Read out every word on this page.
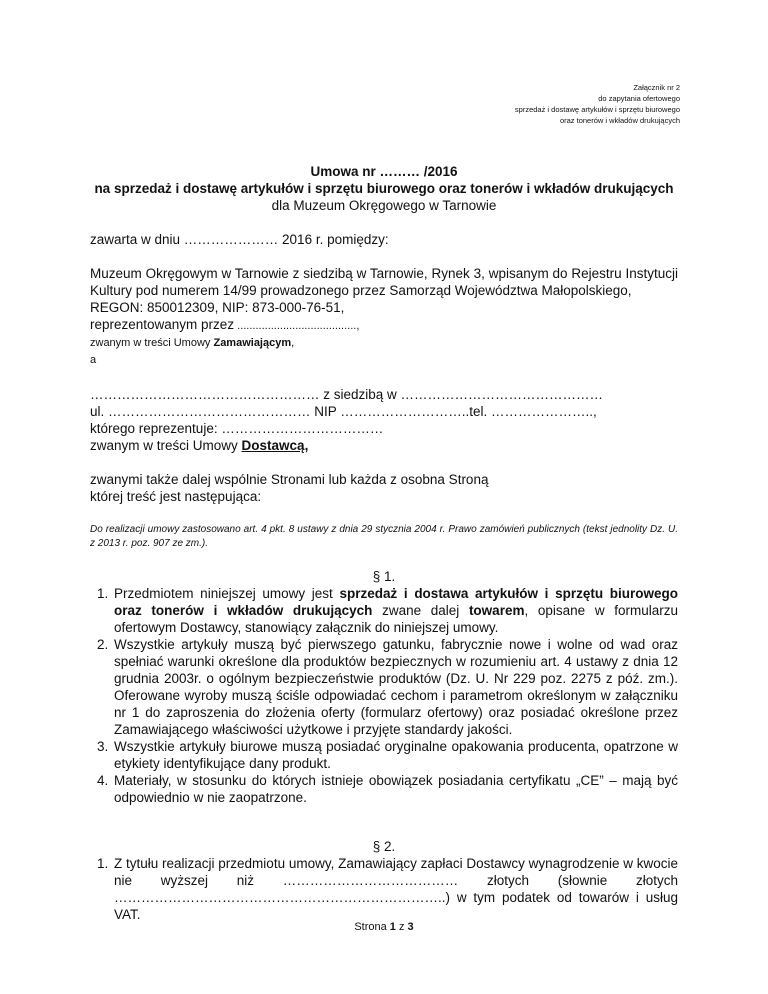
Załącznik nr 2
do zapytania ofertowego
sprzedaż i dostawę artykułów i sprzętu biurowego
oraz tonerów i wkładów drukujących

Umowa nr ……… /2016

na sprzedaż i dostawę artykułów i sprzętu biurowego oraz tonerów i wkładów drukujących

dla Muzeum Okręgowego w Tarnowie

zawarta w dniu ………………… 2016 r. pomiędzy:

Muzeum Okręgowym w Tarnowie z siedzibą w Tarnowie, Rynek 3, wpisanym do Rejestru Instytucji Kultury pod numerem 14/99 prowadzonego przez Samorząd Województwa Małopolskiego,

REGON: 850012309, NIP: 873-000-76-51,

reprezentowanym przez .......................................,

zwanym w treści Umowy Zamawiającym,

a

…………………………………………… z siedzibą w ………………………………………

ul. ……………………………………… NIP ………………………..tel. …………………..,

którego reprezentuje: ………………………………

zwanym w treści Umowy Dostawcą,

zwanymi także dalej wspólnie Stronami lub każda z osobna Stroną

której treść jest następująca:

Do realizacji umowy zastosowano art. 4 pkt. 8 ustawy z dnia 29 stycznia 2004 r. Prawo zamówień publicznych (tekst jednolity Dz. U. z 2013 r. poz. 907 ze zm.).

§ 1.

1. Przedmiotem niniejszej umowy jest sprzedaż i dostawa artykułów i sprzętu biurowego oraz tonerów i wkładów drukujących zwane dalej towarem, opisane w formularzu ofertowym Dostawcy, stanowiący załącznik do niniejszej umowy.
2. Wszystkie artykuły muszą być pierwszego gatunku, fabrycznie nowe i wolne od wad oraz spełniać warunki określone dla produktów bezpiecznych w rozumieniu art. 4 ustawy z dnia 12 grudnia 2003r. o ogólnym bezpieczeństwie produktów (Dz. U. Nr 229 poz. 2275 z póź. zm.). Oferowane wyroby muszą ściśle odpowiadać cechom i parametrom określonym w załączniku nr 1 do zaproszenia do złożenia oferty (formularz ofertowy) oraz posiadać określone przez Zamawiającego właściwości użytkowe i przyjęte standardy jakości.
3. Wszystkie artykuły biurowe muszą posiadać oryginalne opakowania producenta, opatrzone w etykiety identyfikujące dany produkt.
4. Materiały, w stosunku do których istnieje obowiązek posiadania certyfikatu „CE” – mają być odpowiednio w nie zaopatrzone.

§ 2.

1. Z tytułu realizacji przedmiotu umowy, Zamawiający zapłaci Dostawcy wynagrodzenie w kwocie nie wyższej niż ………………………………… złotych (słownie złotych ………………………………………………………………..) w tym podatek od towarów i usług VAT.
Strona 1 z 3
